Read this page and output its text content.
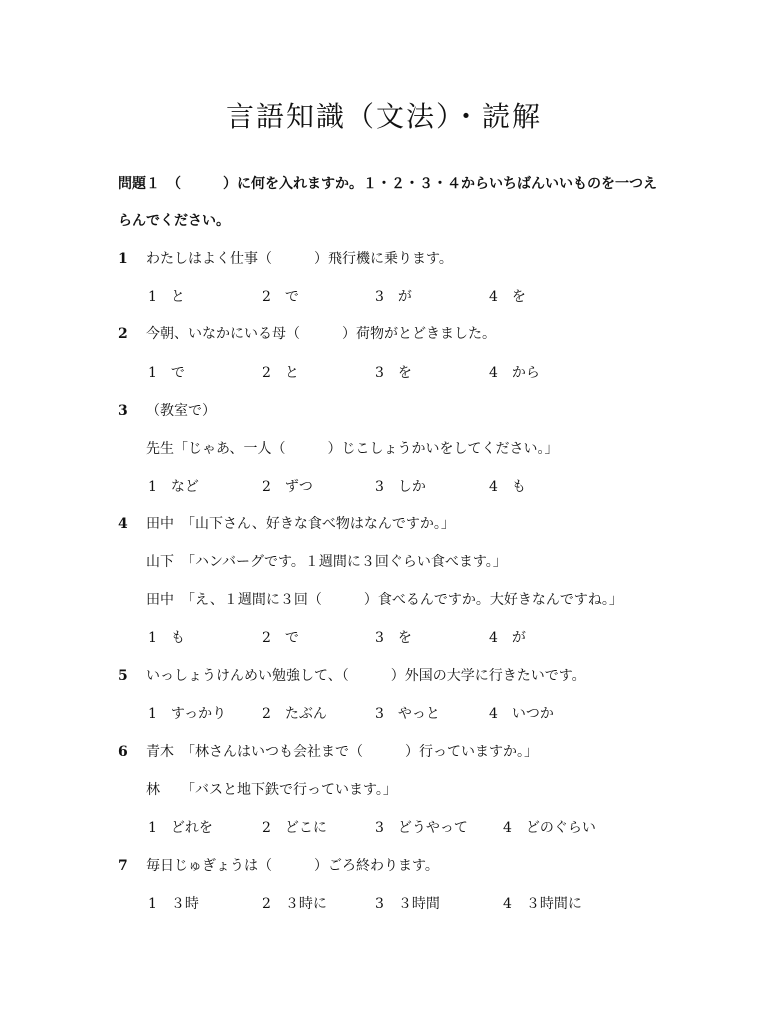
言語知識（文法）・読解
問題１　（　　　）に何を入れますか。１・２・３・４からいちばんいいものを一つえ
らんでください。
1 わたしはよく仕事（　　　）飛行機に乗ります。
1　と	2　で	3　が	4　を
2 今朝、いなかにいる母（　　　）荷物がとどきました。
1　で	2　と	3　を	4　から
3 （教室で）
先生「じゃあ、一人（　　　）じこしょうかいをしてください。」
1　など	2　ずつ	3　しか	4　も
4 田中　「山下さん、好きな食べ物はなんですか。」
山下　「ハンバーグです。１週間に３回ぐらい食べます。」
田中　「え、１週間に３回（　　　）食べるんですか。大好きなんですね。」
1　も	2　で	3　を	4　が
5 いっしょうけんめい勉強して、（　　　）外国の大学に行きたいです。
1　すっかり	2　たぶん	3　やっと	4　いつか
6 青木　「林さんはいつも会社まで（　　　）行っていますか。」
林　　「バスと地下鉄で行っています。」
1　どれを	2　どこに	3　どうやって	4　どのぐらい
7 毎日じゅぎょうは（　　　）ごろ終わります。
1　３時	2　３時に	3　３時間	4　３時間に
